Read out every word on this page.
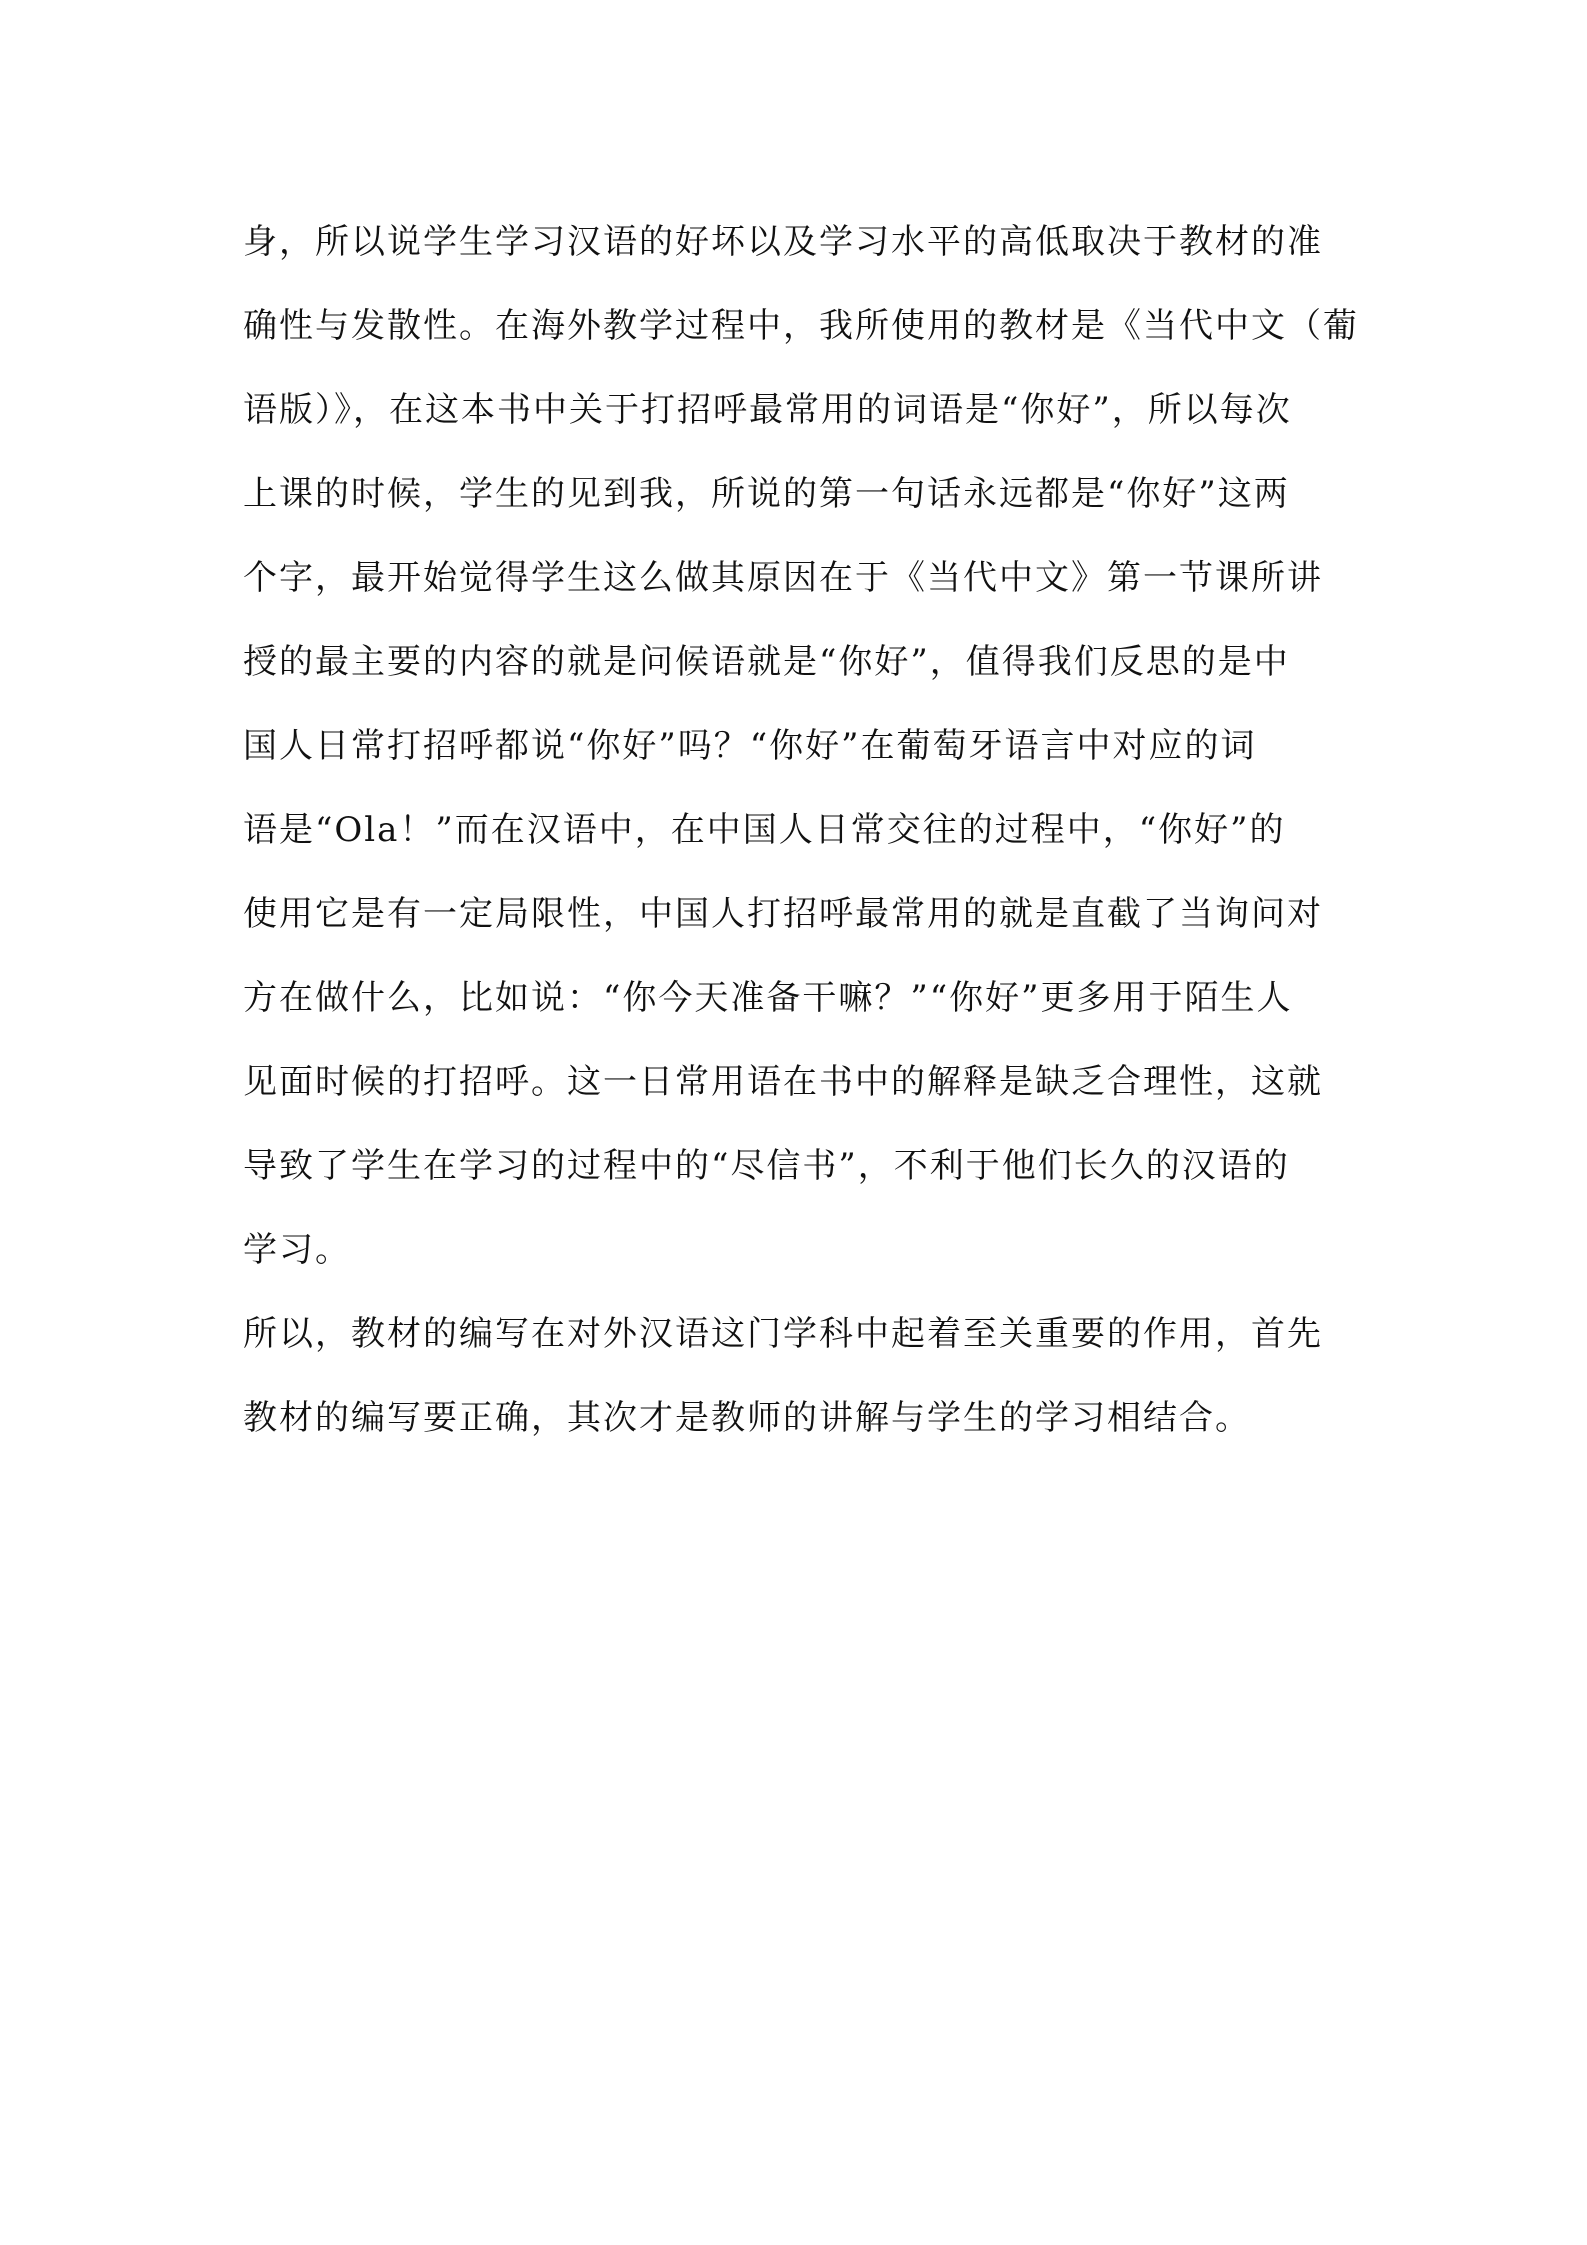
身，所以说学生学习汉语的好坏以及学习水平的高低取决于教材的准
确性与发散性。在海外教学过程中，我所使用的教材是《当代中文（葡
语版）》，在这本书中关于打招呼最常用的词语是“你好”，所以每次
上课的时候，学生的见到我，所说的第一句话永远都是“你好”这两
个字，最开始觉得学生这么做其原因在于《当代中文》第一节课所讲
授的最主要的内容的就是问候语就是“你好”，值得我们反思的是中
国人日常打招呼都说“你好”吗？“你好”在葡萄牙语言中对应的词
语是“Ola！”而在汉语中，在中国人日常交往的过程中，“你好”的
使用它是有一定局限性，中国人打招呼最常用的就是直截了当询问对
方在做什么，比如说：“你今天准备干嘛？”“你好”更多用于陌生人
见面时候的打招呼。这一日常用语在书中的解释是缺乏合理性，这就
导致了学生在学习的过程中的“尽信书”，不利于他们长久的汉语的
学习。
所以，教材的编写在对外汉语这门学科中起着至关重要的作用，首先
教材的编写要正确，其次才是教师的讲解与学生的学习相结合。
